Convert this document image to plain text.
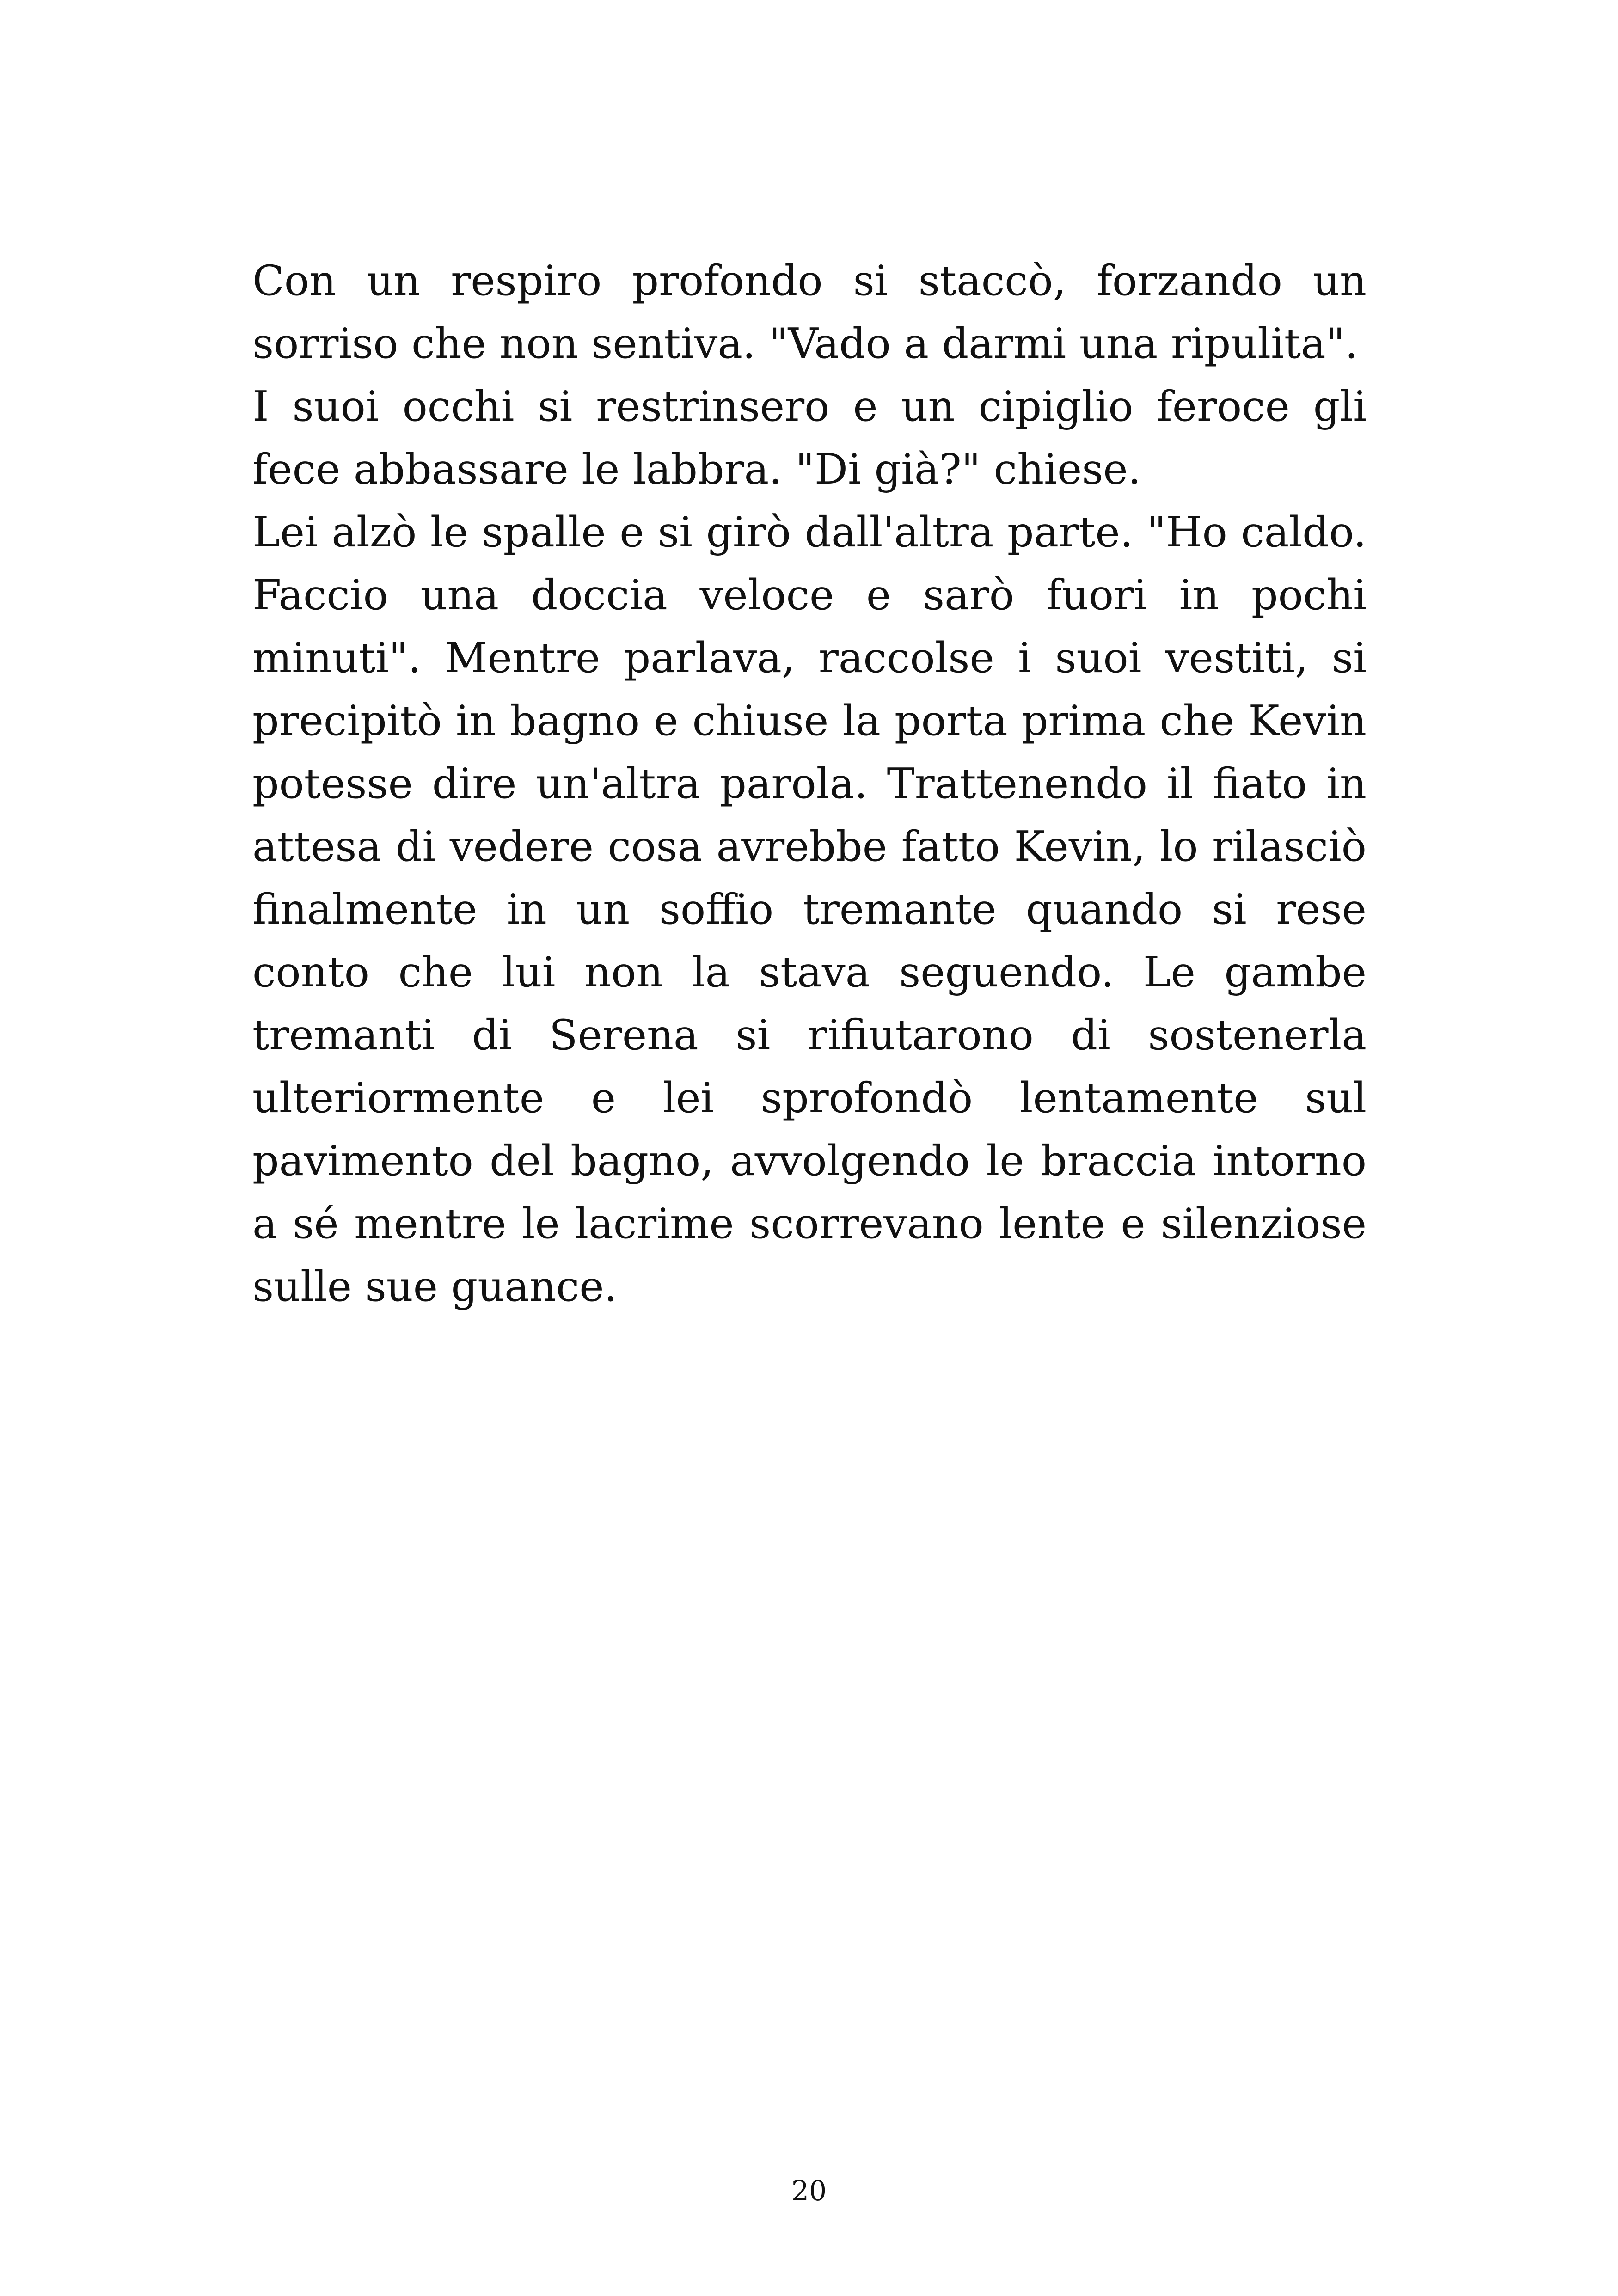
Con un respiro profondo si staccò, forzando un sorriso che non sentiva. "Vado a darmi una ripulita".

I suoi occhi si restrinsero e un cipiglio feroce gli fece abbassare le labbra. "Di già?" chiese.

Lei alzò le spalle e si girò dall'altra parte. "Ho caldo. Faccio una doccia veloce e sarò fuori in pochi minuti". Mentre parlava, raccolse i suoi vestiti, si precipitò in bagno e chiuse la porta prima che Kevin potesse dire un'altra parola. Trattenendo il fiato in attesa di vedere cosa avrebbe fatto Kevin, lo rilasciò finalmente in un soffio tremante quando si rese conto che lui non la stava seguendo. Le gambe tremanti di Serena si rifiutarono di sostenerla ulteriormente e lei sprofondò lentamente sul pavimento del bagno, avvolgendo le braccia intorno a sé mentre le lacrime scorrevano lente e silenziose sulle sue guance.

20
